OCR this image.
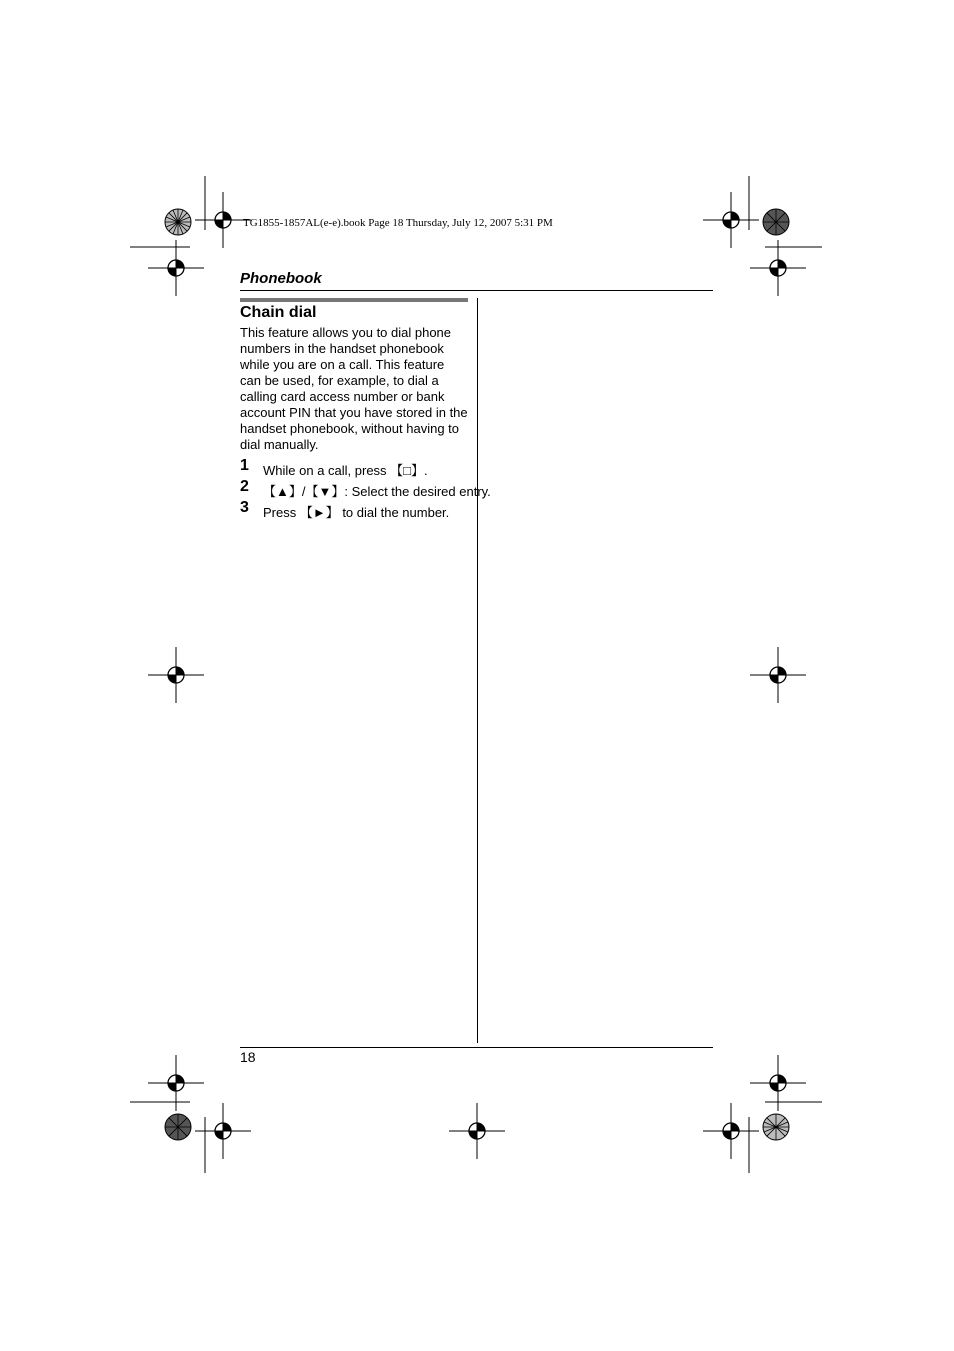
TG1855-1857AL(e-e).book Page 18 Thursday, July 12, 2007 5:31 PM
Phonebook
Chain dial

This feature allows you to dial phone numbers in the handset phonebook while you are on a call. This feature can be used, for example, to dial a calling card access number or bank account PIN that you have stored in the handset phonebook, without having to dial manually.

1 While on a call, press 【□】.
2 【▲】/【▼】: Select the desired entry.
3 Press 【►】 to dial the number.
18
